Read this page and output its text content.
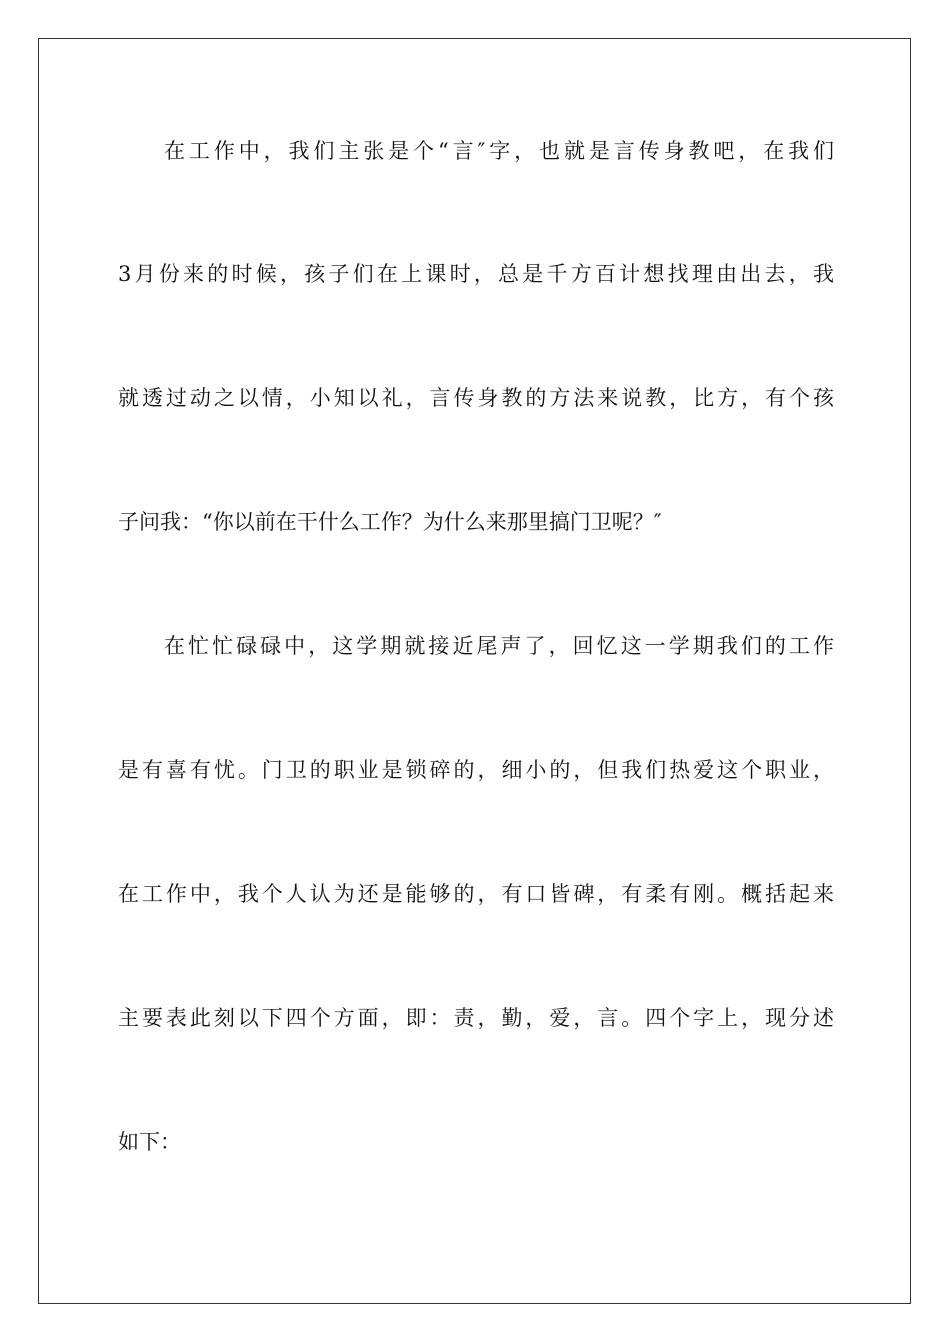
在工作中，我们主张是个“言″字，也就是言传身教吧，在我们
3月份来的时候，孩子们在上课时，总是千方百计想找理由出去，我
就透过动之以情，小知以礼，言传身教的方法来说教，比方，有个孩
子问我：“你以前在干什么工作？为什么来那里搞门卫呢？″
在忙忙碌碌中，这学期就接近尾声了，回忆这一学期我们的工作
是有喜有忧。门卫的职业是锁碎的，细小的，但我们热爱这个职业，
在工作中，我个人认为还是能够的，有口皆碑，有柔有刚。概括起来
主要表此刻以下四个方面，即：责，勤，爱，言。四个字上，现分述
如下：
